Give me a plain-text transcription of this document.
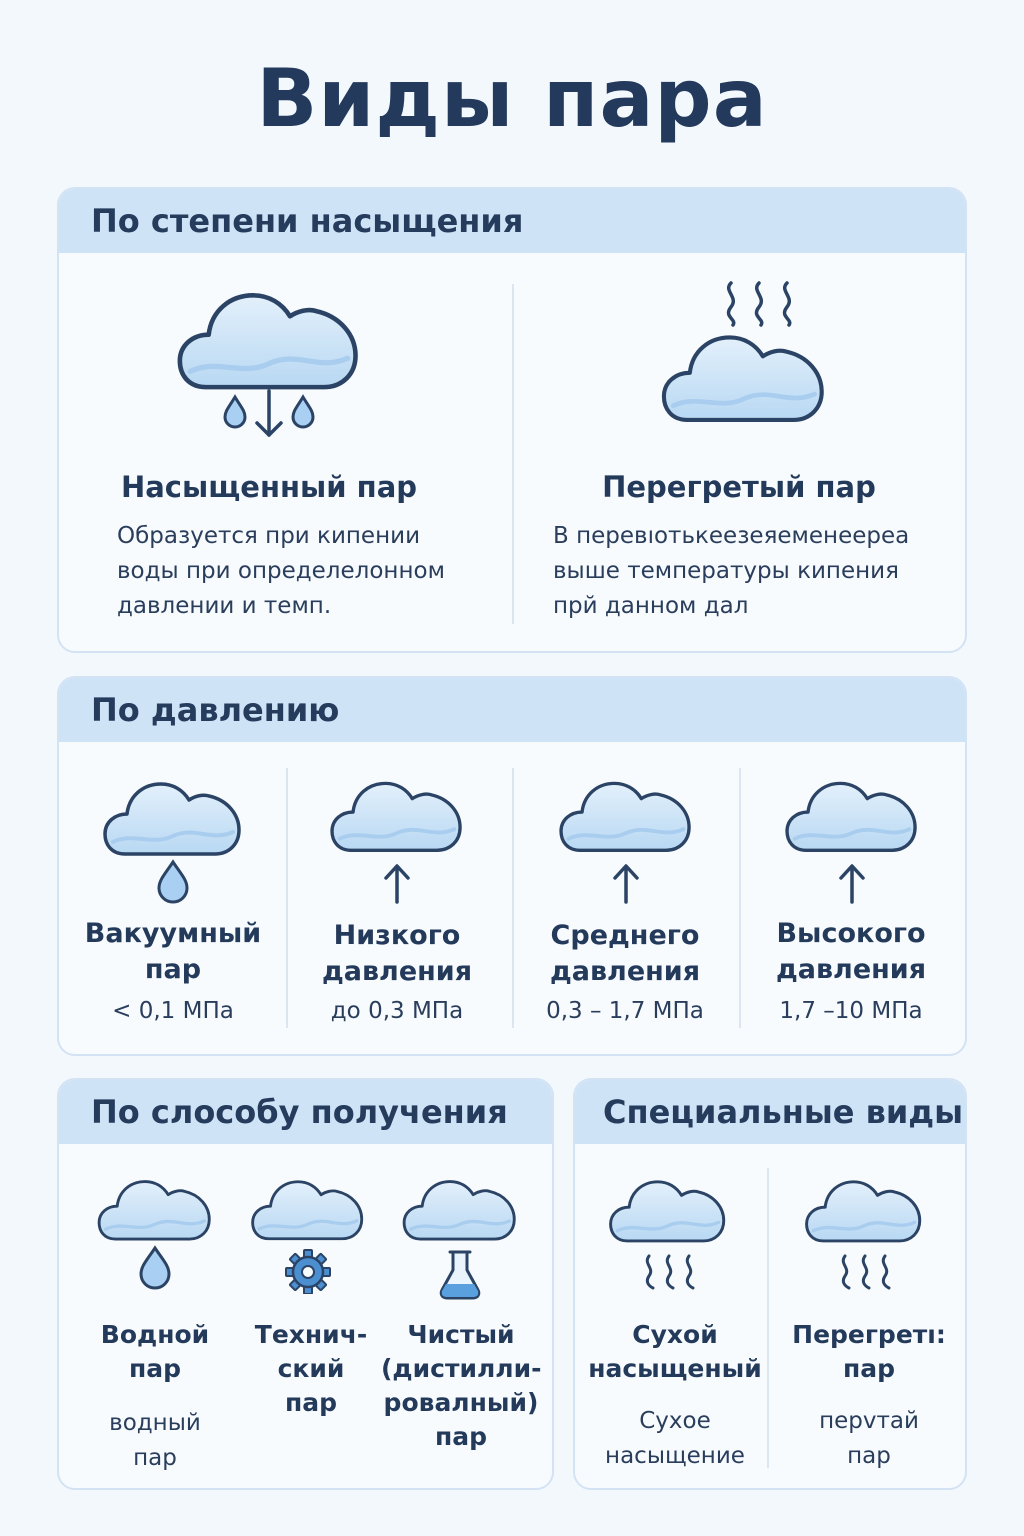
Виды пара
По степени насыщения
Насыщенный пар
Образуется при кипении
воды при определелонном
давлении и темп.
Перегретый пар
В перевıотькеезеяеменеереа
выше температуры кипения
прй данном дал
По давлению
Вакуумный
пар
< 0,1 МПа
Низкого
давления
до 0,3 МПа
Среднего
давления
0,3 – 1,7 МПа
Высокого
давления
1,7 –10 МПа
По слособу получения
Водной
пар
водный
пар
Технич-
ский
пар
Чистый
(дистилли-
ровалный)
пар
Специальные виды
Сухой
насыщеный
Сухое
насыщение
Перегретı:
пар
перvтай
пар
